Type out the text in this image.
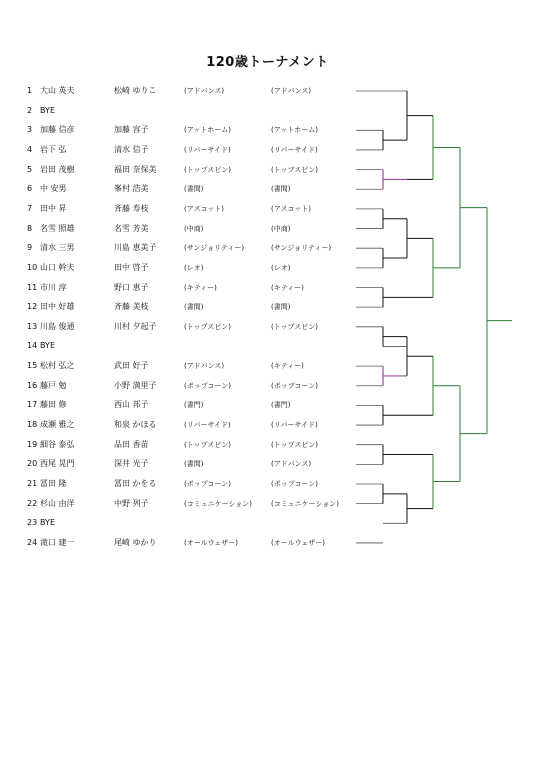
120歳トーナメント
1 大山 英夫	松崎 ゆりこ	(アドバンス)	(アドバンス)
2 BYE
3 加藤 信彦	加藤 容子	(アットホーム)	(アットホーム)
4 岩下 弘	清水 信子	(リバーサイド)	(リバーサイド)
5 岩田 茂樹	福田 奈保美	(トップスピン)	(トップスピン)
6 中 安男	峯村 浩美	(書間)	(書間)
7 田中 昇	斉藤 寿枝	(アスコット)	(アスコット)
8 名雪 照雄	名雪 芳美	(中商)	(中商)
9 清水 三男	川島 恵美子	(サンジョリティー)	(サンジョリティー)
10 山口 幹夫	田中 啓子	(レオ)	(レオ)
11 市川 淳	野口 恵子	(キティー)	(キティー)
12 田中 好雄	斉藤 美枝	(書間)	(書間)
13 川島 俊通	川村 夕起子	(トップスピン)	(トップスピン)
14 BYE
15 松村 弘之	武田 好子	(アドバンス)	(キティー)
16 藤戸 勉	小野 満里子	(ポップコーン)	(ポップコーン)
17 藤田 修	西山 邦子	(書門)	(書門)
18 成瀬 雅之	和泉 かほる	(リバーサイド)	(リバーサイド)
19 細谷 泰弘	品田 香苗	(トップスピン)	(トップスピン)
20 西尾 晃門	深井 光子	(書間)	(アドバンス)
21 冨田 隆	冨田 かをる	(ポップコーン)	(ポップコーン)
22 杉山 由洋	中野 列子	(コミュニケーション)	(コミュニケーション)
23 BYE
24 滝口 建一	尾崎 ゆかり	(オールウェザー)	(オールウェザー)
